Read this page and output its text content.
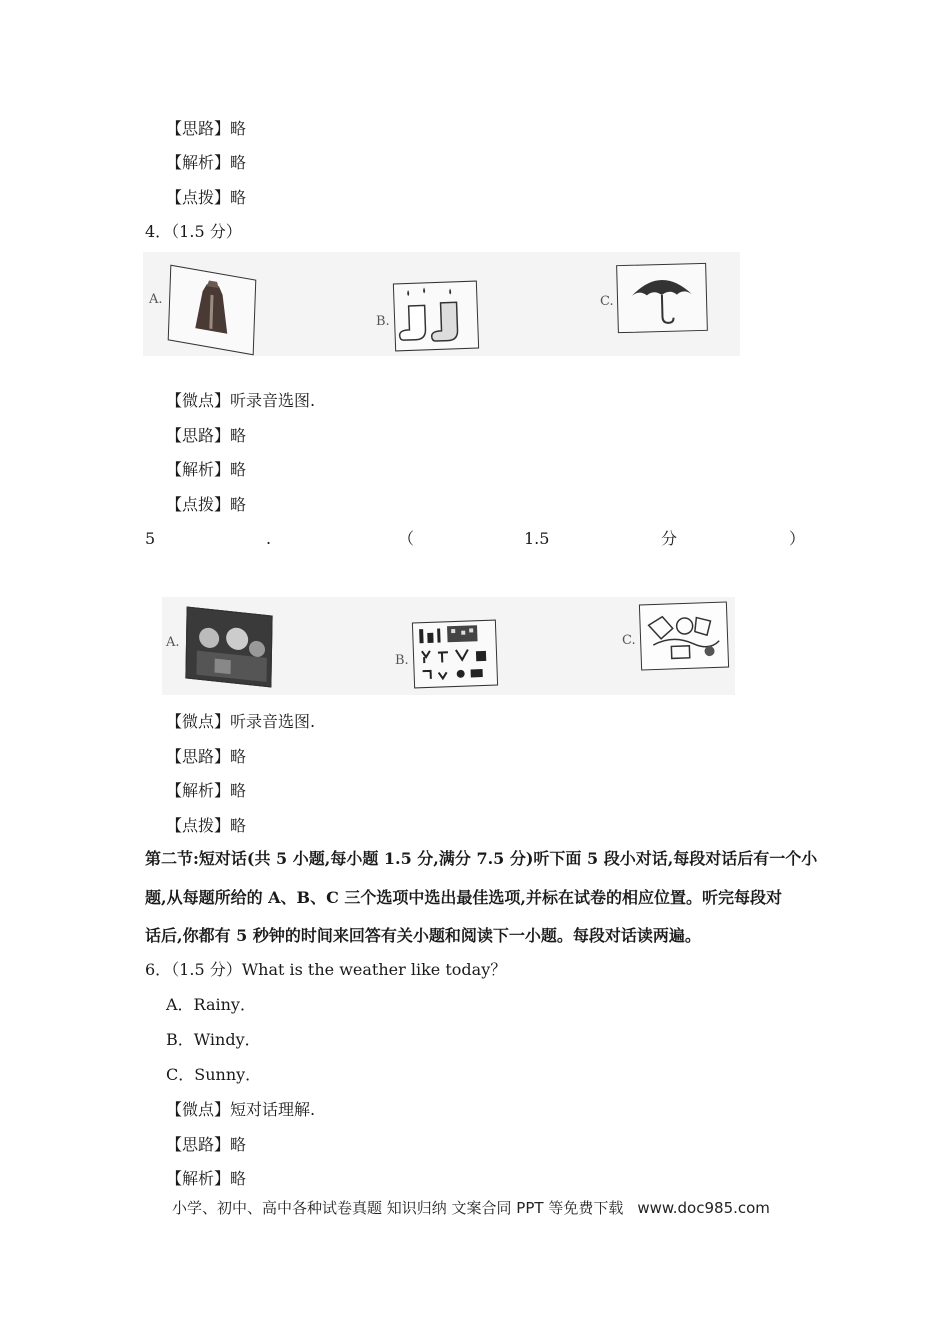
【思路】略
【解析】略
【点拨】略
4．（1.5 分）
A.
B.
C.
【微点】听录音选图.
【思路】略
【解析】略
【点拨】略
5	.	（	1.5	分	）
A.
B.
C.
【微点】听录音选图.
【思路】略
【解析】略
【点拨】略
第二节:短对话(共 5 小题,每小题 1.5 分,满分 7.5 分)听下面 5 段小对话,每段对话后有一个小
题,从每题所给的 A、B、C 三个选项中选出最佳选项,并标在试卷的相应位置。听完每段对
话后,你都有 5 秒钟的时间来回答有关小题和阅读下一小题。每段对话读两遍。
6．（1.5 分）What is the weather like today？
A．Rainy．
B．Windy．
C．Sunny．
【微点】短对话理解.
【思路】略
【解析】略
小学、初中、高中各种试卷真题 知识归纳 文案合同 PPT 等免费下载 www.doc985.com
